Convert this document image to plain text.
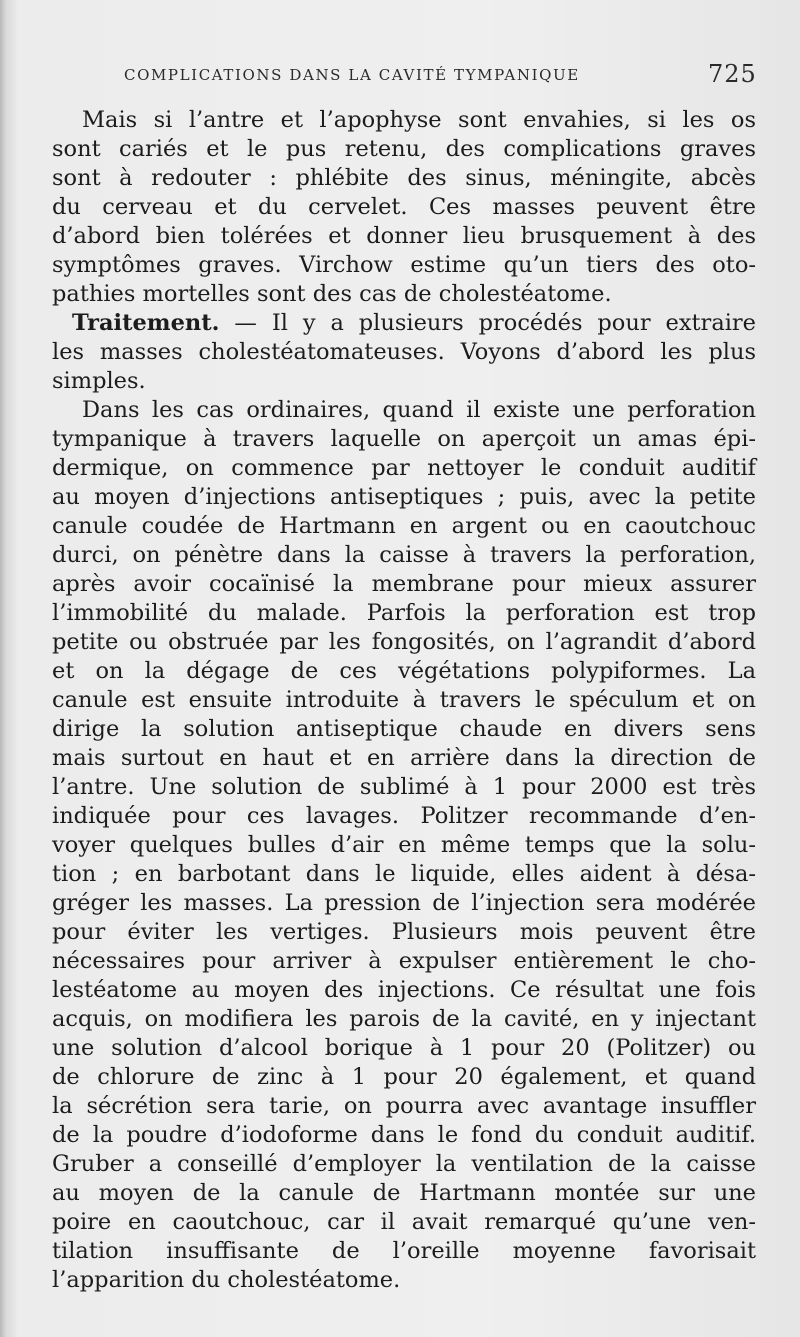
COMPLICATIONS DANS LA CAVITÉ TYMPANIQUE	725
Mais si l’antre et l’apophyse sont envahies, si les os
sont cariés et le pus retenu, des complications graves
sont à redouter : phlébite des sinus, méningite, abcès
du cerveau et du cervelet. Ces masses peuvent être
d’abord bien tolérées et donner lieu brusquement à des
symptômes graves. Virchow estime qu’un tiers des oto-
pathies mortelles sont des cas de cholestéatome.
Traitement. — Il y a plusieurs procédés pour extraire
les masses cholestéatomateuses. Voyons d’abord les plus
simples.
Dans les cas ordinaires, quand il existe une perforation
tympanique à travers laquelle on aperçoit un amas épi-
dermique, on commence par nettoyer le conduit auditif
au moyen d’injections antiseptiques ; puis, avec la petite
canule coudée de Hartmann en argent ou en caoutchouc
durci, on pénètre dans la caisse à travers la perforation,
après avoir cocaïnisé la membrane pour mieux assurer
l’immobilité du malade. Parfois la perforation est trop
petite ou obstruée par les fongosités, on l’agrandit d’abord
et on la dégage de ces végétations polypiformes. La
canule est ensuite introduite à travers le spéculum et on
dirige la solution antiseptique chaude en divers sens
mais surtout en haut et en arrière dans la direction de
l’antre. Une solution de sublimé à 1 pour 2000 est très
indiquée pour ces lavages. Politzer recommande d’en-
voyer quelques bulles d’air en même temps que la solu-
tion ; en barbotant dans le liquide, elles aident à désa-
gréger les masses. La pression de l’injection sera modérée
pour éviter les vertiges. Plusieurs mois peuvent être
nécessaires pour arriver à expulser entièrement le cho-
lestéatome au moyen des injections. Ce résultat une fois
acquis, on modifiera les parois de la cavité, en y injectant
une solution d’alcool borique à 1 pour 20 (Politzer) ou
de chlorure de zinc à 1 pour 20 également, et quand
la sécrétion sera tarie, on pourra avec avantage insuffler
de la poudre d’iodoforme dans le fond du conduit auditif.
Gruber a conseillé d’employer la ventilation de la caisse
au moyen de la canule de Hartmann montée sur une
poire en caoutchouc, car il avait remarqué qu’une ven-
tilation insuffisante de l’oreille moyenne favorisait
l’apparition du cholestéatome.
